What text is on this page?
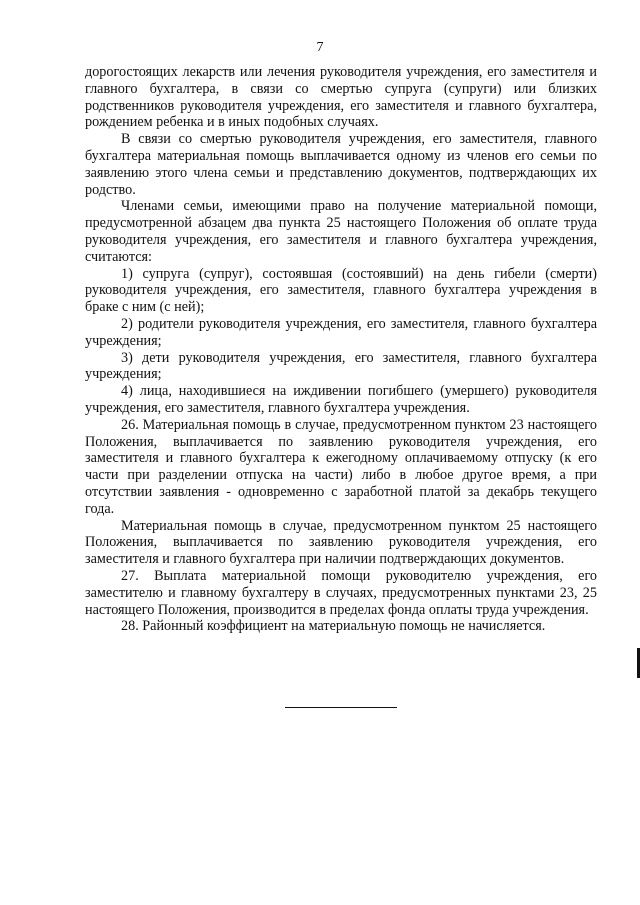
7

дорогостоящих лекарств или лечения руководителя учреждения, его заместителя и главного бухгалтера, в связи со смертью супруга (супруги) или близких родственников руководителя учреждения, его заместителя и главного бухгалтера, рождением ребенка и в иных подобных случаях.

В связи со смертью руководителя учреждения, его заместителя, главного бухгалтера материальная помощь выплачивается одному из членов его семьи по заявлению этого члена семьи и представлению документов, подтверждающих их родство.

Членами семьи, имеющими право на получение материальной помощи, предусмотренной абзацем два пункта 25 настоящего Положения об оплате труда руководителя учреждения, его заместителя и главного бухгалтера учреждения, считаются:

1) супруга (супруг), состоявшая (состоявший) на день гибели (смерти) руководителя учреждения, его заместителя, главного бухгалтера учреждения в браке с ним (с ней);

2) родители руководителя учреждения, его заместителя, главного бухгалтера учреждения;

3) дети руководителя учреждения, его заместителя, главного бухгалтера учреждения;

4) лица, находившиеся на иждивении погибшего (умершего) руководителя учреждения, его заместителя, главного бухгалтера учреждения.

26. Материальная помощь в случае, предусмотренном пунктом 23 настоящего Положения, выплачивается по заявлению руководителя учреждения, его заместителя и главного бухгалтера к ежегодному оплачиваемому отпуску (к его части при разделении отпуска на части) либо в любое другое время, а при отсутствии заявления - одновременно с заработной платой за декабрь текущего года.

Материальная помощь в случае, предусмотренном пунктом 25 настоящего Положения, выплачивается по заявлению руководителя учреждения, его заместителя и главного бухгалтера при наличии подтверждающих документов.

27. Выплата материальной помощи руководителю учреждения, его заместителю и главному бухгалтеру в случаях, предусмотренных пунктами 23, 25 настоящего Положения, производится в пределах фонда оплаты труда учреждения.

28. Районный коэффициент на материальную помощь не начисляется.
